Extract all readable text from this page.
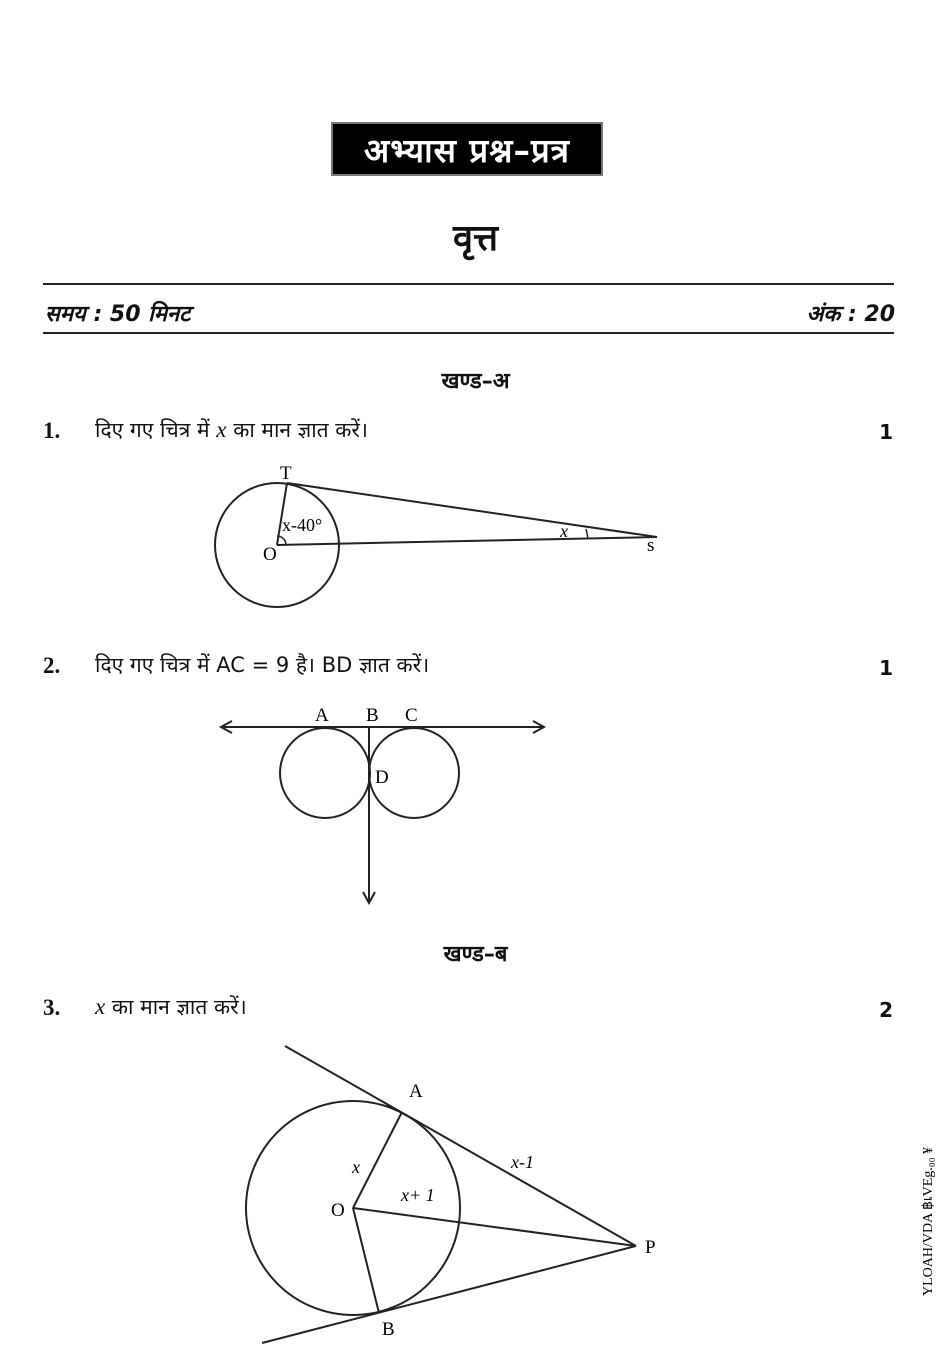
अभ्यास प्रश्न–प्रत्र
वृत्त
समय : 50 मिनट	अंक : 20
खण्ड–अ
1. दिए गए चित्र में x का मान ज्ञात करें।	1
T
O	s
x-40°	x
2. दिए गए चित्र में AC = 9 है। BD ज्ञात करें।	1
A B C
D
खण्ड–ब
3. x का मान ज्ञात करें।	2
A
B
O
P
x
x+ 1
x-1	YLOAH/VDA ฿เVEg.₀₀ ¥
